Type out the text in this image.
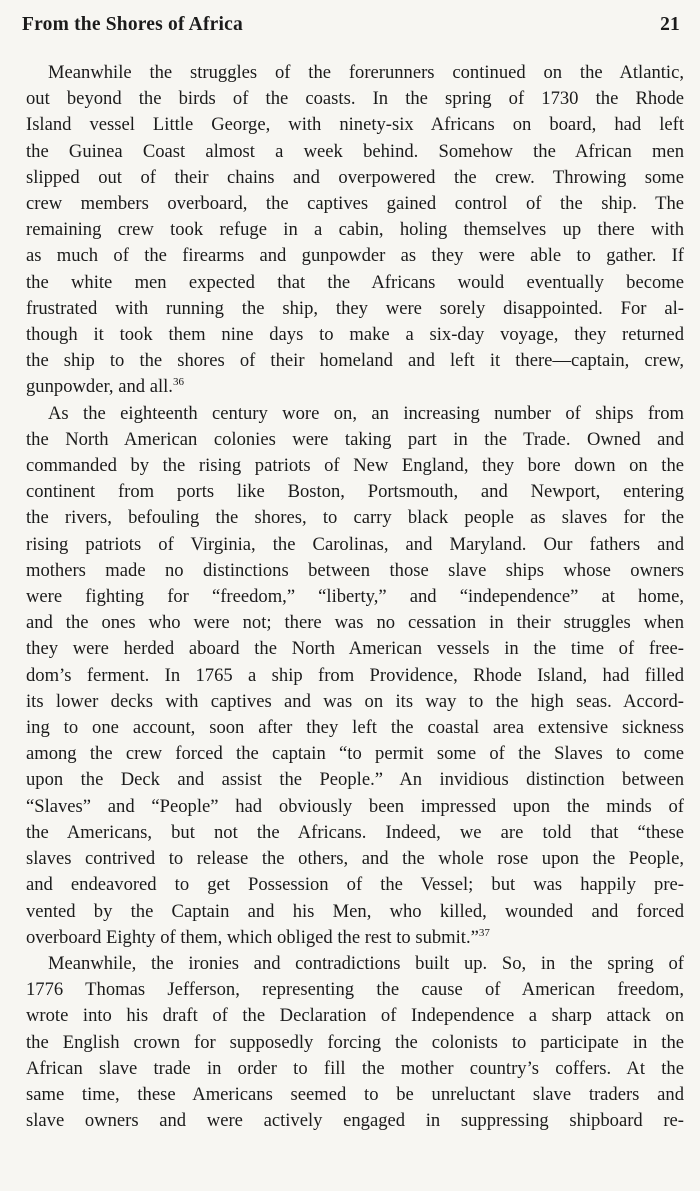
From the Shores of Africa	21

Meanwhile the struggles of the forerunners continued on the Atlantic,
out beyond the birds of the coasts. In the spring of 1730 the Rhode
Island vessel Little George, with ninety-six Africans on board, had left
the Guinea Coast almost a week behind. Somehow the African men
slipped out of their chains and overpowered the crew. Throwing some
crew members overboard, the captives gained control of the ship. The
remaining crew took refuge in a cabin, holing themselves up there with
as much of the firearms and gunpowder as they were able to gather. If
the white men expected that the Africans would eventually become
frustrated with running the ship, they were sorely disappointed. For al-
though it took them nine days to make a six-day voyage, they returned
the ship to the shores of their homeland and left it there—captain, crew,
gunpowder, and all.$^{36}$

As the eighteenth century wore on, an increasing number of ships from
the North American colonies were taking part in the Trade. Owned and
commanded by the rising patriots of New England, they bore down on the
continent from ports like Boston, Portsmouth, and Newport, entering
the rivers, befouling the shores, to carry black people as slaves for the
rising patriots of Virginia, the Carolinas, and Maryland. Our fathers and
mothers made no distinctions between those slave ships whose owners
were fighting for “freedom,” “liberty,” and “independence” at home,
and the ones who were not; there was no cessation in their struggles when
they were herded aboard the North American vessels in the time of free-
dom’s ferment. In 1765 a ship from Providence, Rhode Island, had filled
its lower decks with captives and was on its way to the high seas. Accord-
ing to one account, soon after they left the coastal area extensive sickness
among the crew forced the captain “to permit some of the Slaves to come
upon the Deck and assist the People.” An invidious distinction between
“Slaves” and “People” had obviously been impressed upon the minds of
the Americans, but not the Africans. Indeed, we are told that “these
slaves contrived to release the others, and the whole rose upon the People,
and endeavored to get Possession of the Vessel; but was happily pre-
vented by the Captain and his Men, who killed, wounded and forced
overboard Eighty of them, which obliged the rest to submit.”$^{37}$

Meanwhile, the ironies and contradictions built up. So, in the spring of
1776 Thomas Jefferson, representing the cause of American freedom,
wrote into his draft of the Declaration of Independence a sharp attack on
the English crown for supposedly forcing the colonists to participate in the
African slave trade in order to fill the mother country’s coffers. At the
same time, these Americans seemed to be unreluctant slave traders and
slave owners and were actively engaged in suppressing shipboard re-
